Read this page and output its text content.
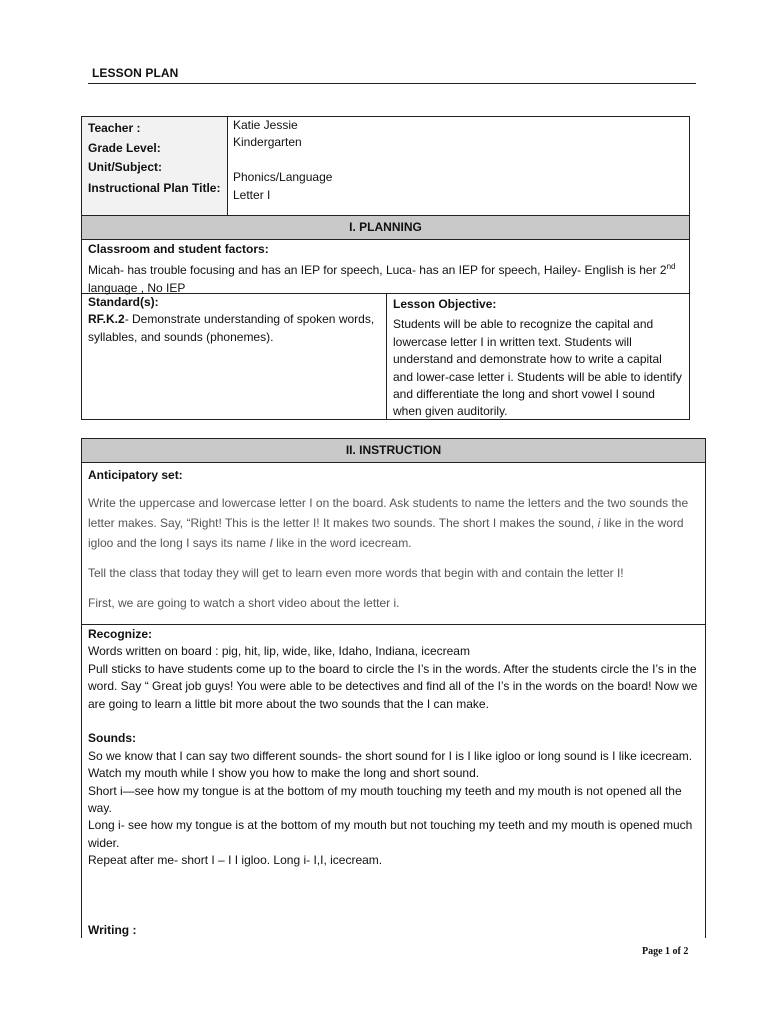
LESSON PLAN
Teacher :
Grade Level:
Unit/Subject:
Instructional Plan Title:
Katie Jessie
Kindergarten
Phonics/Language
Letter I
I. PLANNING
Classroom and student factors:
Micah- has trouble focusing and has an IEP for speech, Luca- has an IEP for speech, Hailey- English is her 2nd language , No IEP
Standard(s):
RF.K.2- Demonstrate understanding of spoken words, syllables, and sounds (phonemes).
Lesson Objective:
Students will be able to recognize the capital and lowercase letter I in written text. Students will understand and demonstrate how to write a capital and lower-case letter i. Students will be able to identify and differentiate the long and short vowel I sound when given auditorily.
II. INSTRUCTION
Anticipatory set:

Write the uppercase and lowercase letter I on the board. Ask students to name the letters and the two sounds the letter makes. Say, “Right! This is the letter I! It makes two sounds. The short I makes the sound, i like in the word igloo and the long I says its name I like in the word icecream.

Tell the class that today they will get to learn even more words that begin with and contain the letter I!

First, we are going to watch a short video about the letter i.

Recognize:
Words written on board : pig, hit, lip, wide, like, Idaho, Indiana, icecream
Pull sticks to have students come up to the board to circle the I’s in the words. After the students circle the I’s in the word. Say “ Great job guys! You were able to be detectives and find all of the I’s in the words on the board! Now we are going to learn a little bit more about the two sounds that the I can make.
Sounds:
So we know that I can say two different sounds- the short sound for I is I like igloo or long sound is I like icecream. Watch my mouth while I show you how to make the long and short sound.
Short i—see how my tongue is at the bottom of my mouth touching my teeth and my mouth is not opened all the way.
Long i- see how my tongue is at the bottom of my mouth but not touching my teeth and my mouth is opened much wider.
Repeat after me- short I – I I igloo. Long i- I,I, icecream.
Writing :
Page 1 of 2
